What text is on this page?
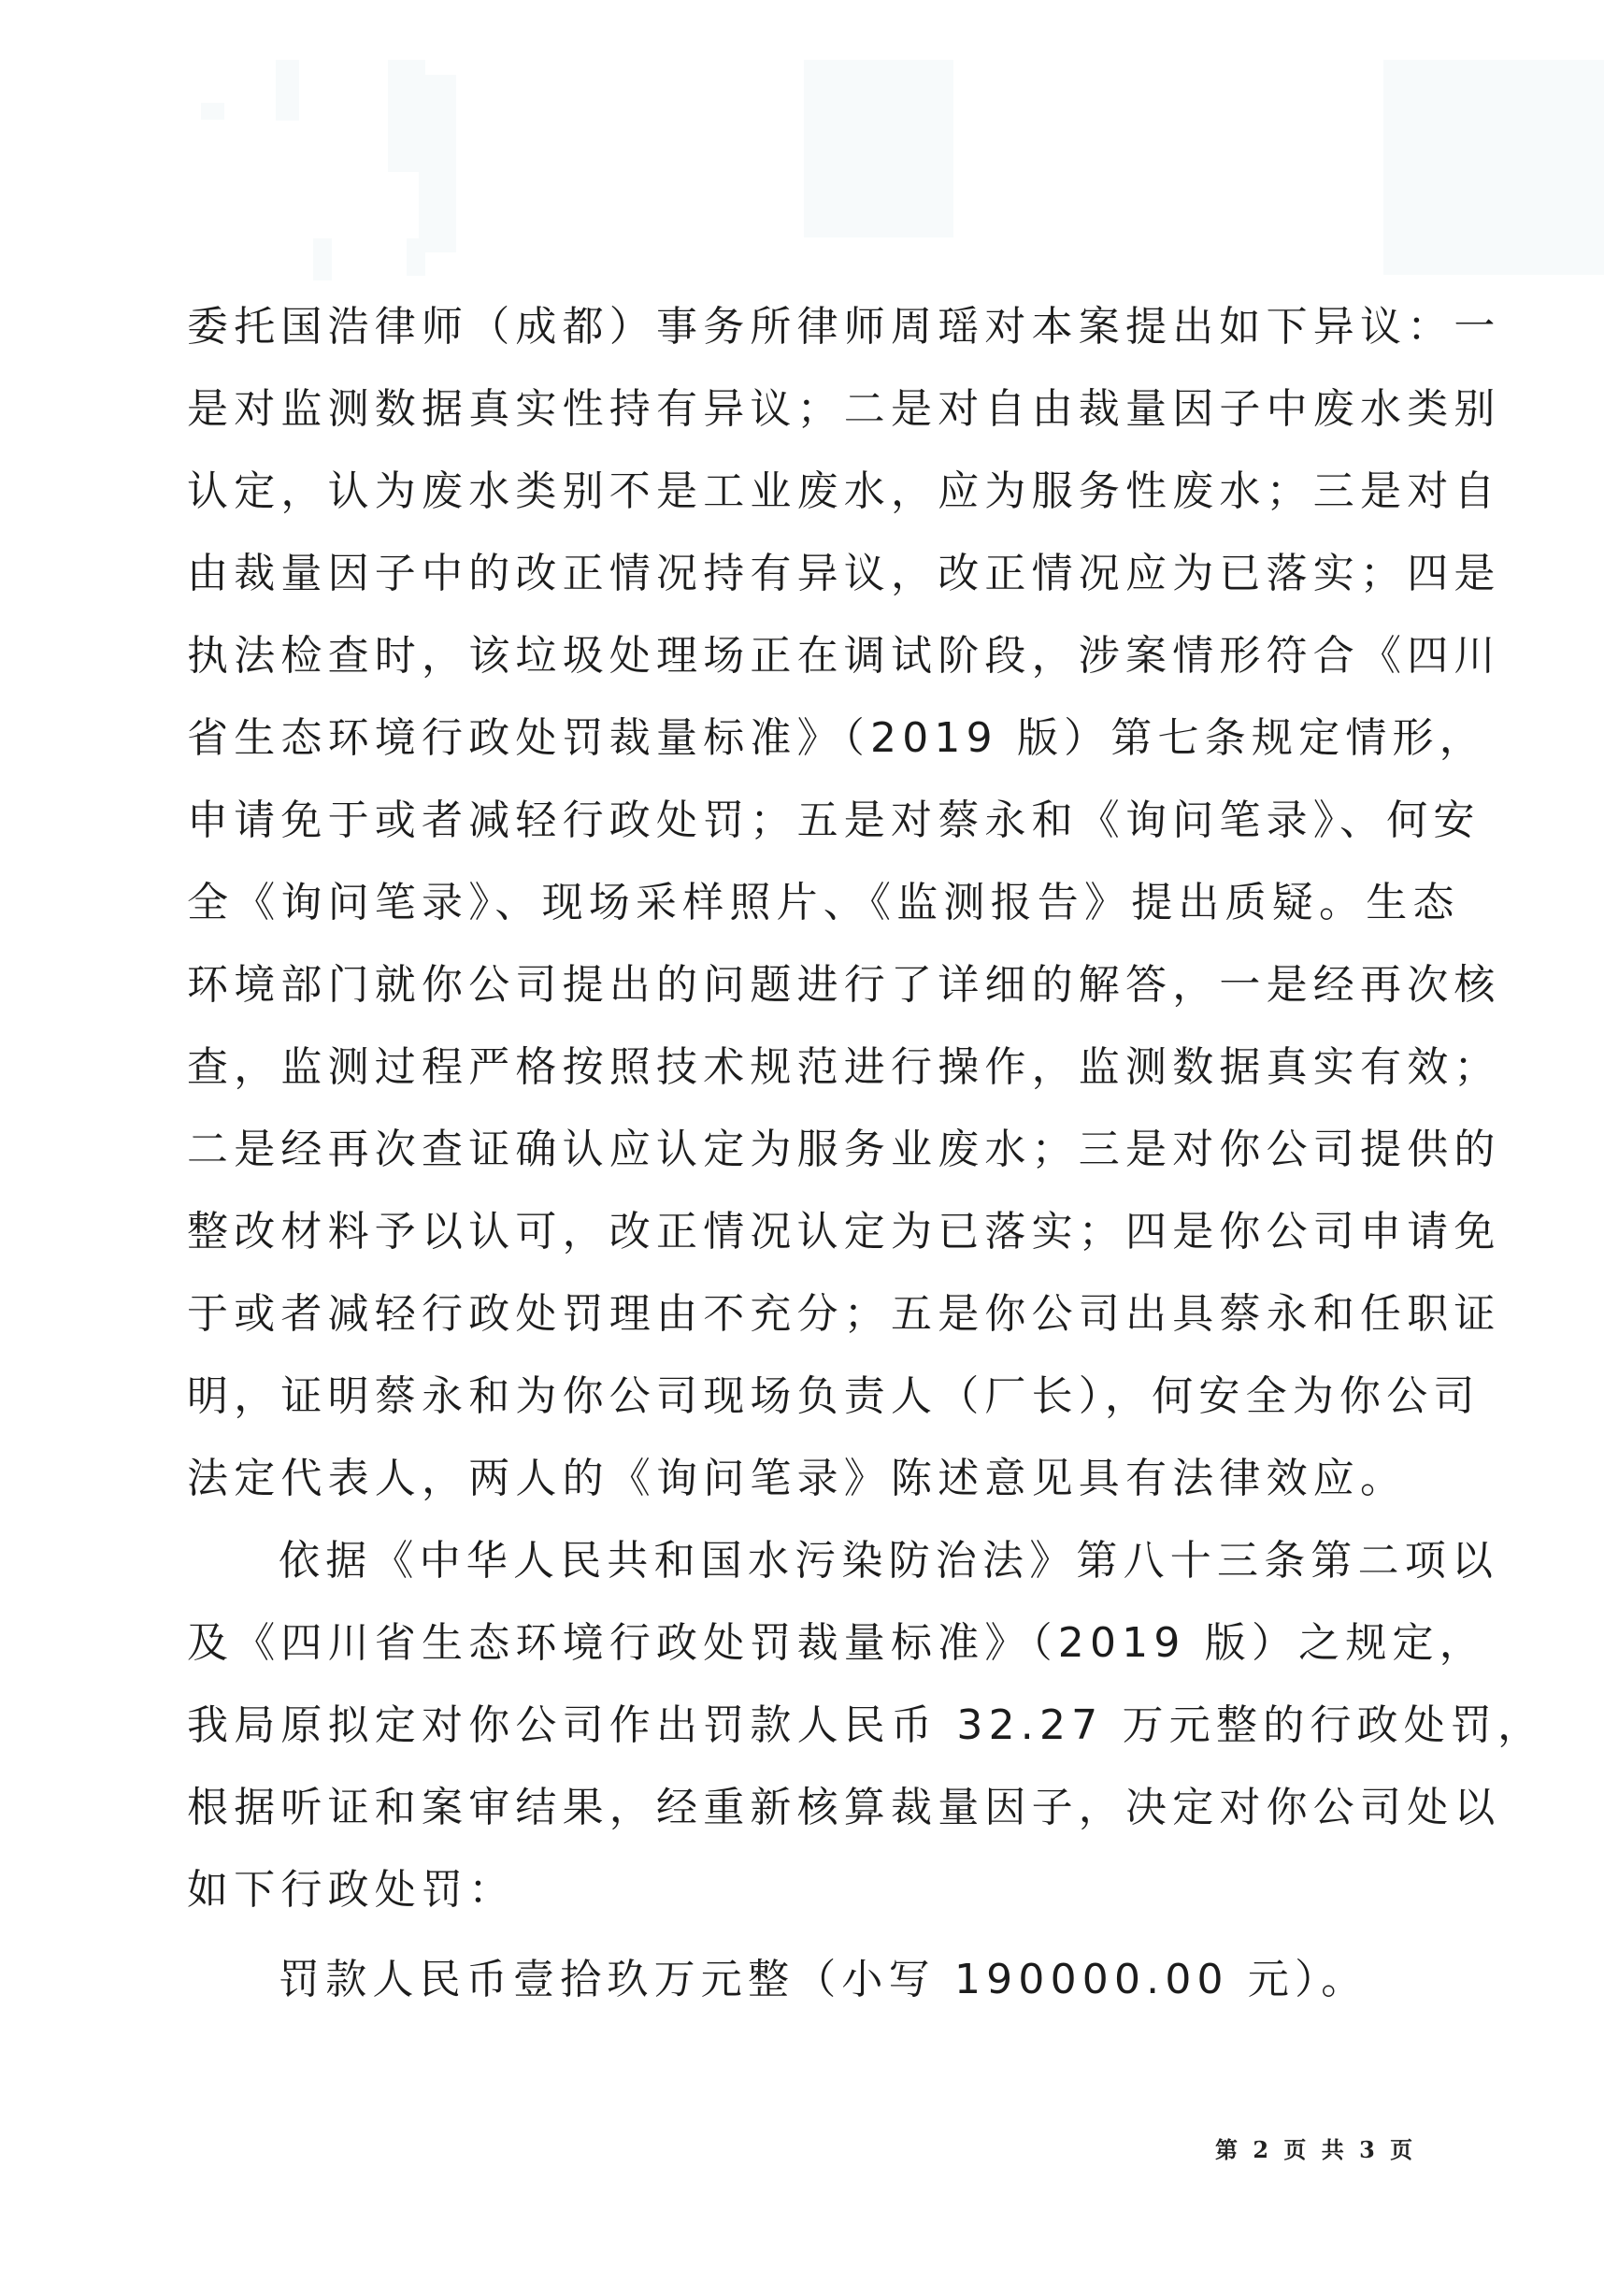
委托国浩律师（成都）事务所律师周瑶对本案提出如下异议：一
是对监测数据真实性持有异议；二是对自由裁量因子中废水类别
认定，认为废水类别不是工业废水，应为服务性废水；三是对自
由裁量因子中的改正情况持有异议，改正情况应为已落实；四是
执法检查时，该垃圾处理场正在调试阶段，涉案情形符合《四川
省生态环境行政处罚裁量标准》（2019 版）第七条规定情形，
申请免于或者减轻行政处罚；五是对蔡永和《询问笔录》、何安
全《询问笔录》、现场采样照片、《监测报告》提出质疑。生态
环境部门就你公司提出的问题进行了详细的解答，一是经再次核
查，监测过程严格按照技术规范进行操作，监测数据真实有效；
二是经再次查证确认应认定为服务业废水；三是对你公司提供的
整改材料予以认可，改正情况认定为已落实；四是你公司申请免
于或者减轻行政处罚理由不充分；五是你公司出具蔡永和任职证
明，证明蔡永和为你公司现场负责人（厂长），何安全为你公司
法定代表人，两人的《询问笔录》陈述意见具有法律效应。
依据《中华人民共和国水污染防治法》第八十三条第二项以
及《四川省生态环境行政处罚裁量标准》（2019 版）之规定，
我局原拟定对你公司作出罚款人民币 32.27 万元整的行政处罚，
根据听证和案审结果，经重新核算裁量因子，决定对你公司处以
如下行政处罚：
罚款人民币壹拾玖万元整（小写 190000.00 元）。
第 2 页 共 3 页
